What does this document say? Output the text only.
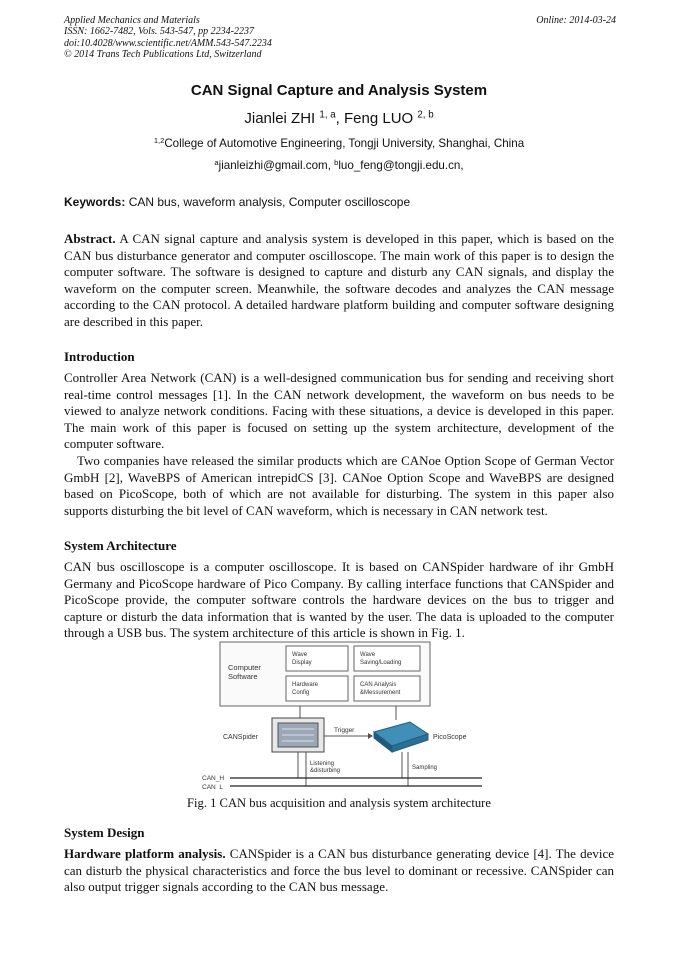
Applied Mechanics and Materials
ISSN: 1662-7482, Vols. 543-547, pp 2234-2237
doi:10.4028/www.scientific.net/AMM.543-547.2234
© 2014 Trans Tech Publications Ltd, Switzerland
Online: 2014-03-24
CAN Signal Capture and Analysis System
Jianlei ZHI $^{1, a}$, Feng LUO $^{2, b}$
$^{1,2}$College of Automotive Engineering, Tongji University, Shanghai, China
$^a$jianleizhi@gmail.com, $^b$luo_feng@tongji.edu.cn,
Keywords: CAN bus, waveform analysis, Computer oscilloscope
Abstract. A CAN signal capture and analysis system is developed in this paper, which is based on the CAN bus disturbance generator and computer oscilloscope. The main work of this paper is to design the computer software. The software is designed to capture and disturb any CAN signals, and display the waveform on the computer screen. Meanwhile, the software decodes and analyzes the CAN message according to the CAN protocol. A detailed hardware platform building and computer software designing are described in this paper.
Introduction
Controller Area Network (CAN) is a well-designed communication bus for sending and receiving short real-time control messages [1]. In the CAN network development, the waveform on bus needs to be viewed to analyze network conditions. Facing with these situations, a device is developed in this paper. The main work of this paper is focused on setting up the system architecture, development of the computer software.
Two companies have released the similar products which are CANoe Option Scope of German Vector GmbH [2], WaveBPS of American intrepidCS [3]. CANoe Option Scope and WaveBPS are designed based on PicoScope, both of which are not available for disturbing. The system in this paper also supports disturbing the bit level of CAN waveform, which is necessary in CAN network test.
System Architecture
CAN bus oscilloscope is a computer oscilloscope. It is based on CANSpider hardware of ihr GmbH Germany and PicoScope hardware of Pico Company. By calling interface functions that CANSpider and PicoScope provide, the computer software controls the hardware devices on the bus to trigger and capture or disturb the data information that is wanted by the user. The data is uploaded to the computer through a USB bus. The system architecture of this article is shown in Fig. 1.
Computer
Software
Wave
Display
Wave
Saving/Loading
Hardware
Config
CAN Analysis
&Messurement
CANSpider
Trigger
PicoScope
Listening
&disturbing	Sampling
CAN_H
CAN_L
Fig. 1 CAN bus acquisition and analysis system architecture
System Design
Hardware platform analysis. CANSpider is a CAN bus disturbance generating device [4]. The device can disturb the physical characteristics and force the bus level to dominant or recessive. CANSpider can also output trigger signals according to the CAN bus message.
